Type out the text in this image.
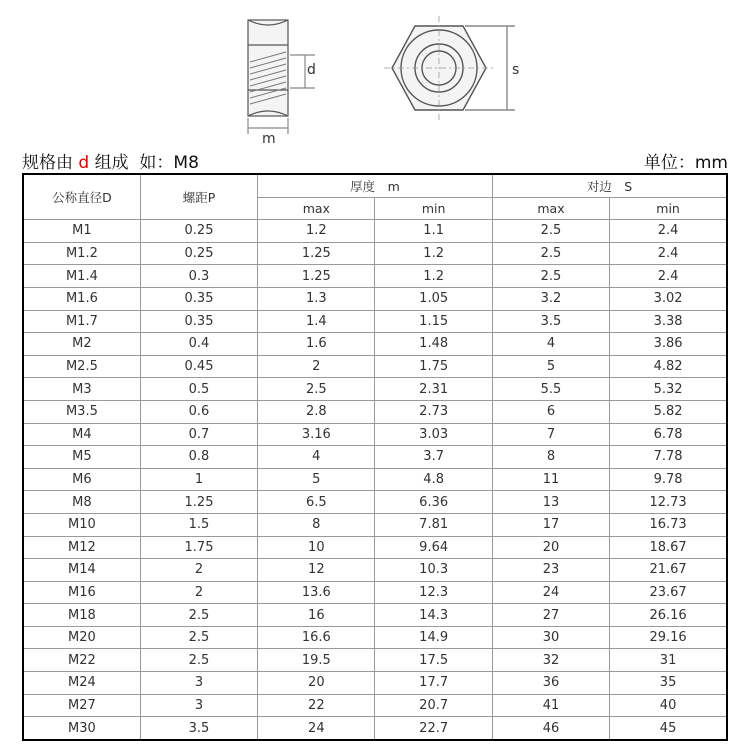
d
m
s
规格由 d 组成 如：M8	单位：mm
公称直径D	螺距P	厚度　m		对边　S	
		max	min	max	min
M1	0.25	1.2	1.1	2.5	2.4
M1.2	0.25	1.25	1.2	2.5	2.4
M1.4	0.3	1.25	1.2	2.5	2.4
M1.6	0.35	1.3	1.05	3.2	3.02
M1.7	0.35	1.4	1.15	3.5	3.38
M2	0.4	1.6	1.48	4	3.86
M2.5	0.45	2	1.75	5	4.82
M3	0.5	2.5	2.31	5.5	5.32
M3.5	0.6	2.8	2.73	6	5.82
M4	0.7	3.16	3.03	7	6.78
M5	0.8	4	3.7	8	7.78
M6	1	5	4.8	11	9.78
M8	1.25	6.5	6.36	13	12.73
M10	1.5	8	7.81	17	16.73
M12	1.75	10	9.64	20	18.67
M14	2	12	10.3	23	21.67
M16	2	13.6	12.3	24	23.67
M18	2.5	16	14.3	27	26.16
M20	2.5	16.6	14.9	30	29.16
M22	2.5	19.5	17.5	32	31
M24	3	20	17.7	36	35
M27	3	22	20.7	41	40
M30	3.5	24	22.7	46	45
